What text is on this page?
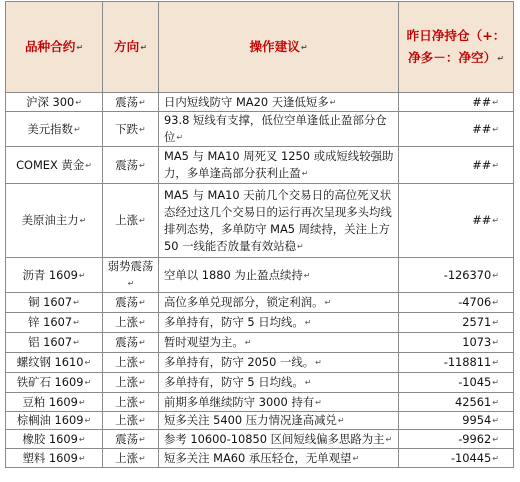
品种合约↵	方向↵	操作建议↵	昨日净持仓（+：
净多－：净空）↵
沪深 300↵	震荡↵	日内短线防守 MA20 天逢低短多↵	##↵
美元指数↵	下跌↵	93.8 短线有支撑，低位空单逢低止盈部分仓位↵	##↵
COMEX 黄金↵	震荡↵	MA5 与 MA10 周死叉 1250 或成短线较强助力，多单逢高部分获利止盈↵	##↵
美原油主力↵	上涨↵	MA5 与 MA10 天前几个交易日的高位死叉状态经过这几个交易日的运行再次呈现多头均线排列态势，多单防守 MA5 周续持，关注上方 50 一线能否放量有效站稳↵	##↵
沥青 1609↵	弱势震荡↵	空单以 1880 为止盈点续持↵	-126370↵
铜 1607↵	震荡↵	高位多单兑现部分，锁定利润。↵	-4706↵
锌 1607↵	上涨↵	多单持有，防守 5 日均线。↵	2571↵
铝 1607↵	震荡↵	暂时观望为主。↵	1073↵
螺纹钢 1610↵	上涨↵	多单持有，防守 2050 一线。↵	-118811↵
铁矿石 1609↵	上涨↵	多单持有，防守 5 日均线。↵	-1045↵
豆粕 1609↵	上涨↵	前期多单继续防守 3000 持有↵	42561↵
棕榈油 1609↵	上涨↵	短多关注 5400 压力情况逢高减兑↵	9954↵
橡胶 1609↵	震荡↵	参考 10600-10850 区间短线偏多思路为主↵	-9962↵
塑料 1609↵	上涨↵	短多关注 MA60 承压轻仓，无单观望↵	-10445↵
